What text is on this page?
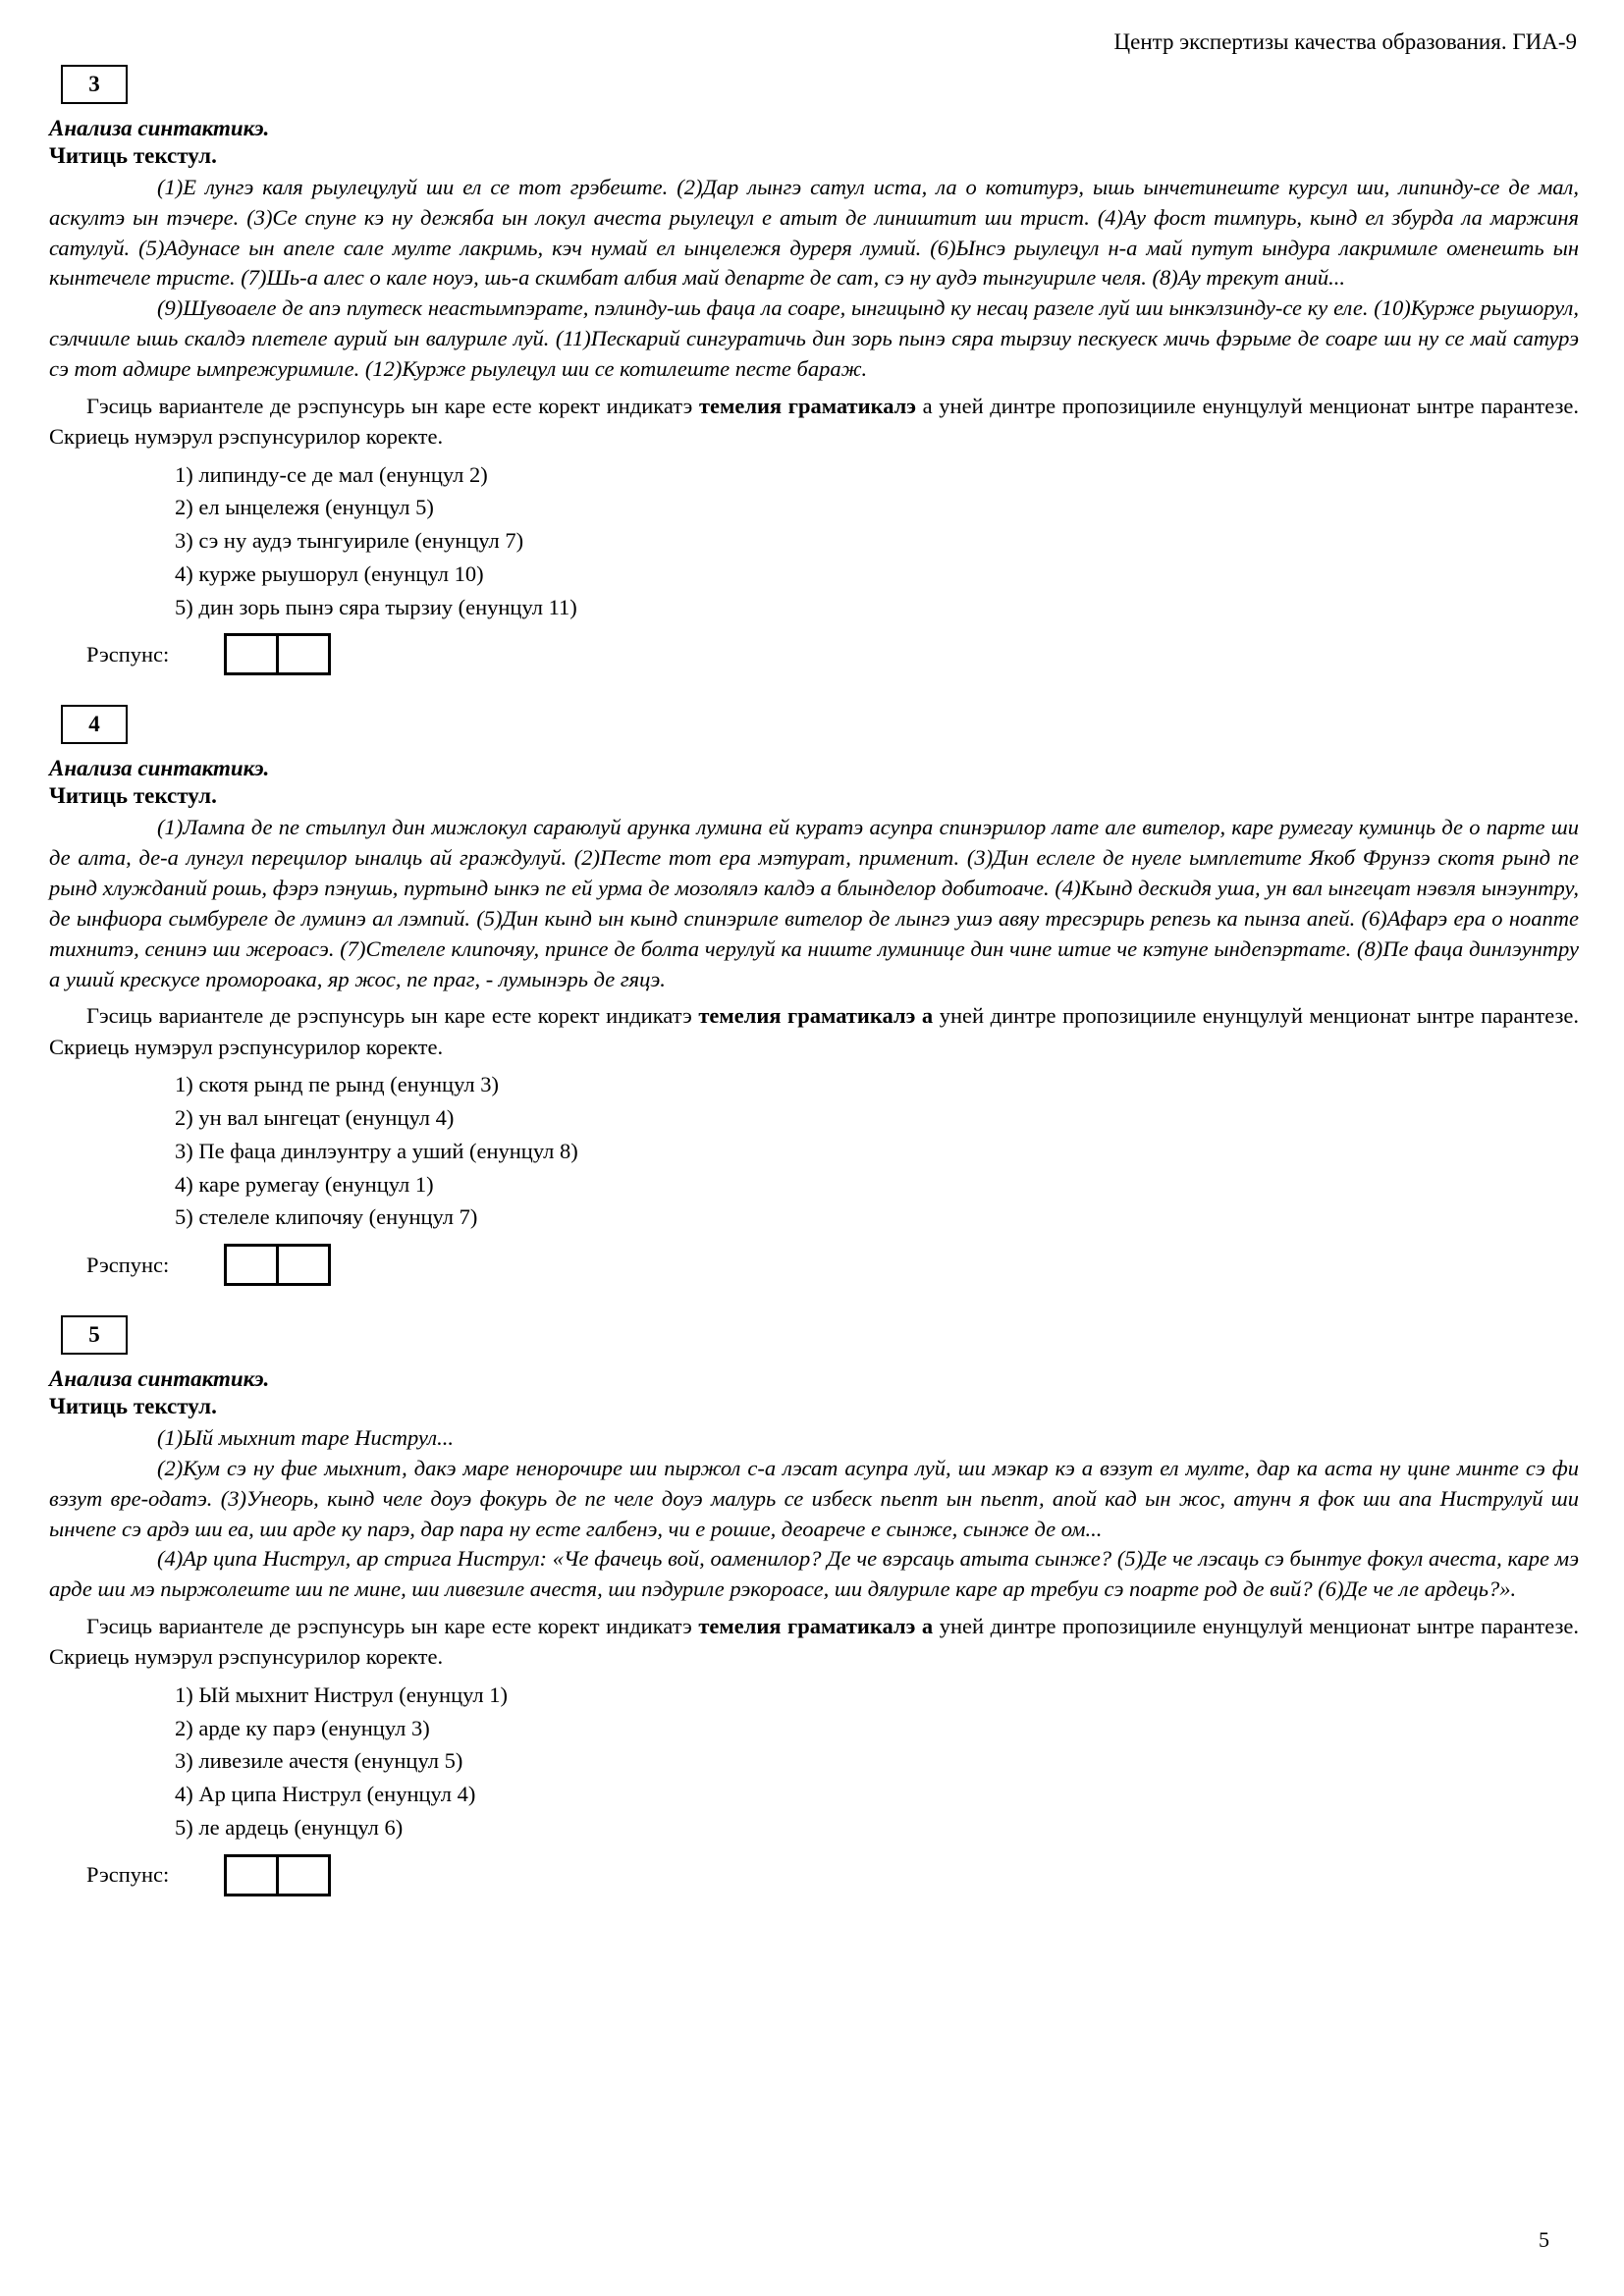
Центр экспертизы качества образования. ГИА-9
3

Анализа синтактикэ.

Читиць текстул.

(1)Е лунгэ каля рыулецулуй ши ел се тот грэбеште. (2)Дар лынгэ сатул иста, ла о котитурэ, ышь ынчетинеште курсул ши, липинду-се де мал, аскултэ ын тэчере. (3)Се спуне кэ ну дежяба ын локул ачеста рыулецул е атыт де лиништит ши трист. (4)Ау фост тимпурь, кынд ел збурда ла маржиня сатулуй. (5)Адунасе ын апеле сале мулте лакримь, кэч нумай ел ынцележя дуреря лумий. (6)Ынсэ рыулецул н-а май путут ындура лакримиле оменешть ын кынтечеле тристе. (7)Шь-а алес о кале ноуэ, шь-а скимбат албия май департе де сат, сэ ну аудэ тынгуириле челя. (8)Ау трекут аний...

(9)Шувоаеле де апэ плутеск неастымпэрате, пэлинду-шь фаца ла соаре, ынгицынд ку несац разеле луй ши ынкэлзинду-се ку еле. (10)Курже рыушорул, сэлчииле ышь скалдэ плетеле аурий ын валуриле луй. (11)Пескарий сингуратичь дин зорь пынэ сяра тырзиу пескуеск мичь фэрыме де соаре ши ну се май сатурэ сэ тот адмире ымпрежуримиле. (12)Курже рыулецул ши се котилеште песте бараж.

Гэсиць вариантеле де рэспунсурь ын каре есте корект индикатэ темелия граматикалэ а уней динтре пропозицииле енунцулуй менционат ынтре парантезе. Скриець нумэрул рэспунсурилор коректе.

1) липинду-се де мал (енунцул 2)
2) ел ынцележя (енунцул 5)
3) сэ ну аудэ тынгуириле (енунцул 7)
4) курже рыушорул (енунцул 10)
5) дин зорь пынэ сяра тырзиу (енунцул 11)
Рэспунс:
4

Анализа синтактикэ.

Читиць текстул.

(1)Лампа де пе стылпул дин мижлокул сараюлуй арунка лумина ей куратэ асупра спинэрилор лате але вителор, каре румегау куминць де о парте ши де алта, де-а лунгул перецилор ыналць ай граждулуй. (2)Песте тот ера мэтурат, применит. (3)Дин еслеле де нуеле ымплетите Якоб Фрунзэ скотя рынд пе рынд хлужданий рошь, фэрэ пэнушь, пуртынд ынкэ пе ей урма де мозолялэ калдэ а блынделор добитоаче. (4)Кынд дескидя уша, ун вал ынгецат нэвэля ынэунтру, де ынфиора сымбуреле де луминэ ал лэмпий. (5)Дин кынд ын кынд спинэриле вителор де лынгэ ушэ авяу тресэрирь репезь ка пынза апей. (6)Афарэ ера о ноапте тихнитэ, сенинэ ши жероасэ. (7)Стелеле клипочяу, принсе де болта черулуй ка ниште луминице дин чине штие че кэтуне ындепэртате. (8)Пе фаца динлэунтру а уший крескусе промороака, яр жос, пе праг, - лумынэрь де гяцэ.

Гэсиць вариантеле де рэспунсурь ын каре есте корект индикатэ темелия граматикалэ а уней динтре пропозицииле енунцулуй менционат ынтре парантезе. Скриець нумэрул рэспунсурилор коректе.

1) скотя рынд пе рынд (енунцул 3)
2) ун вал ынгецат (енунцул 4)
3) Пе фаца динлэунтру а уший (енунцул 8)
4) каре румегау (енунцул 1)
5) стелеле клипочяу (енунцул 7)
Рэспунс:
5

Анализа синтактикэ.

Читиць текстул.

(1)Ый мыхнит таре Ниструл...

(2)Кум сэ ну фие мыхнит, дакэ маре ненорочире ши пыржол с-а лэсат асупра луй, ши мэкар кэ а вэзут ел мулте, дар ка аста ну цине минте сэ фи вэзут вре-одатэ. (3)Унеорь, кынд челе доуэ фокурь де пе челе доуэ малурь се избеск пьепт ын пьепт, апой кад ын жос, атунч я фок ши апа Ниструлуй ши ынчепе сэ ардэ ши еа, ши арде ку парэ, дар пара ну есте галбенэ, чи е рошие, деоарече е сынже, сынже де ом...

(4)Ар ципа Ниструл, ар стрига Ниструл: «Че фачець вой, оаменилор? Де че вэрсаць атыта сынже? (5)Де че лэсаць сэ бынтуе фокул ачеста, каре мэ арде ши мэ пыржолеште ши пе мине, ши ливезиле ачестя, ши пэдуриле рэкороасе, ши дялуриле каре ар требуи сэ поарте род де вий? (6)Де че ле ардець?».

Гэсиць вариантеле де рэспунсурь ын каре есте корект индикатэ темелия граматикалэ а уней динтре пропозицииле енунцулуй менционат ынтре парантезе. Скриець нумэрул рэспунсурилор коректе.

1) Ый мыхнит Ниструл (енунцул 1)
2) арде ку парэ (енунцул 3)
3) ливезиле ачестя (енунцул 5)
4) Ар ципа Ниструл (енунцул 4)
5) ле ардець (енунцул 6)
Рэспунс:
5
